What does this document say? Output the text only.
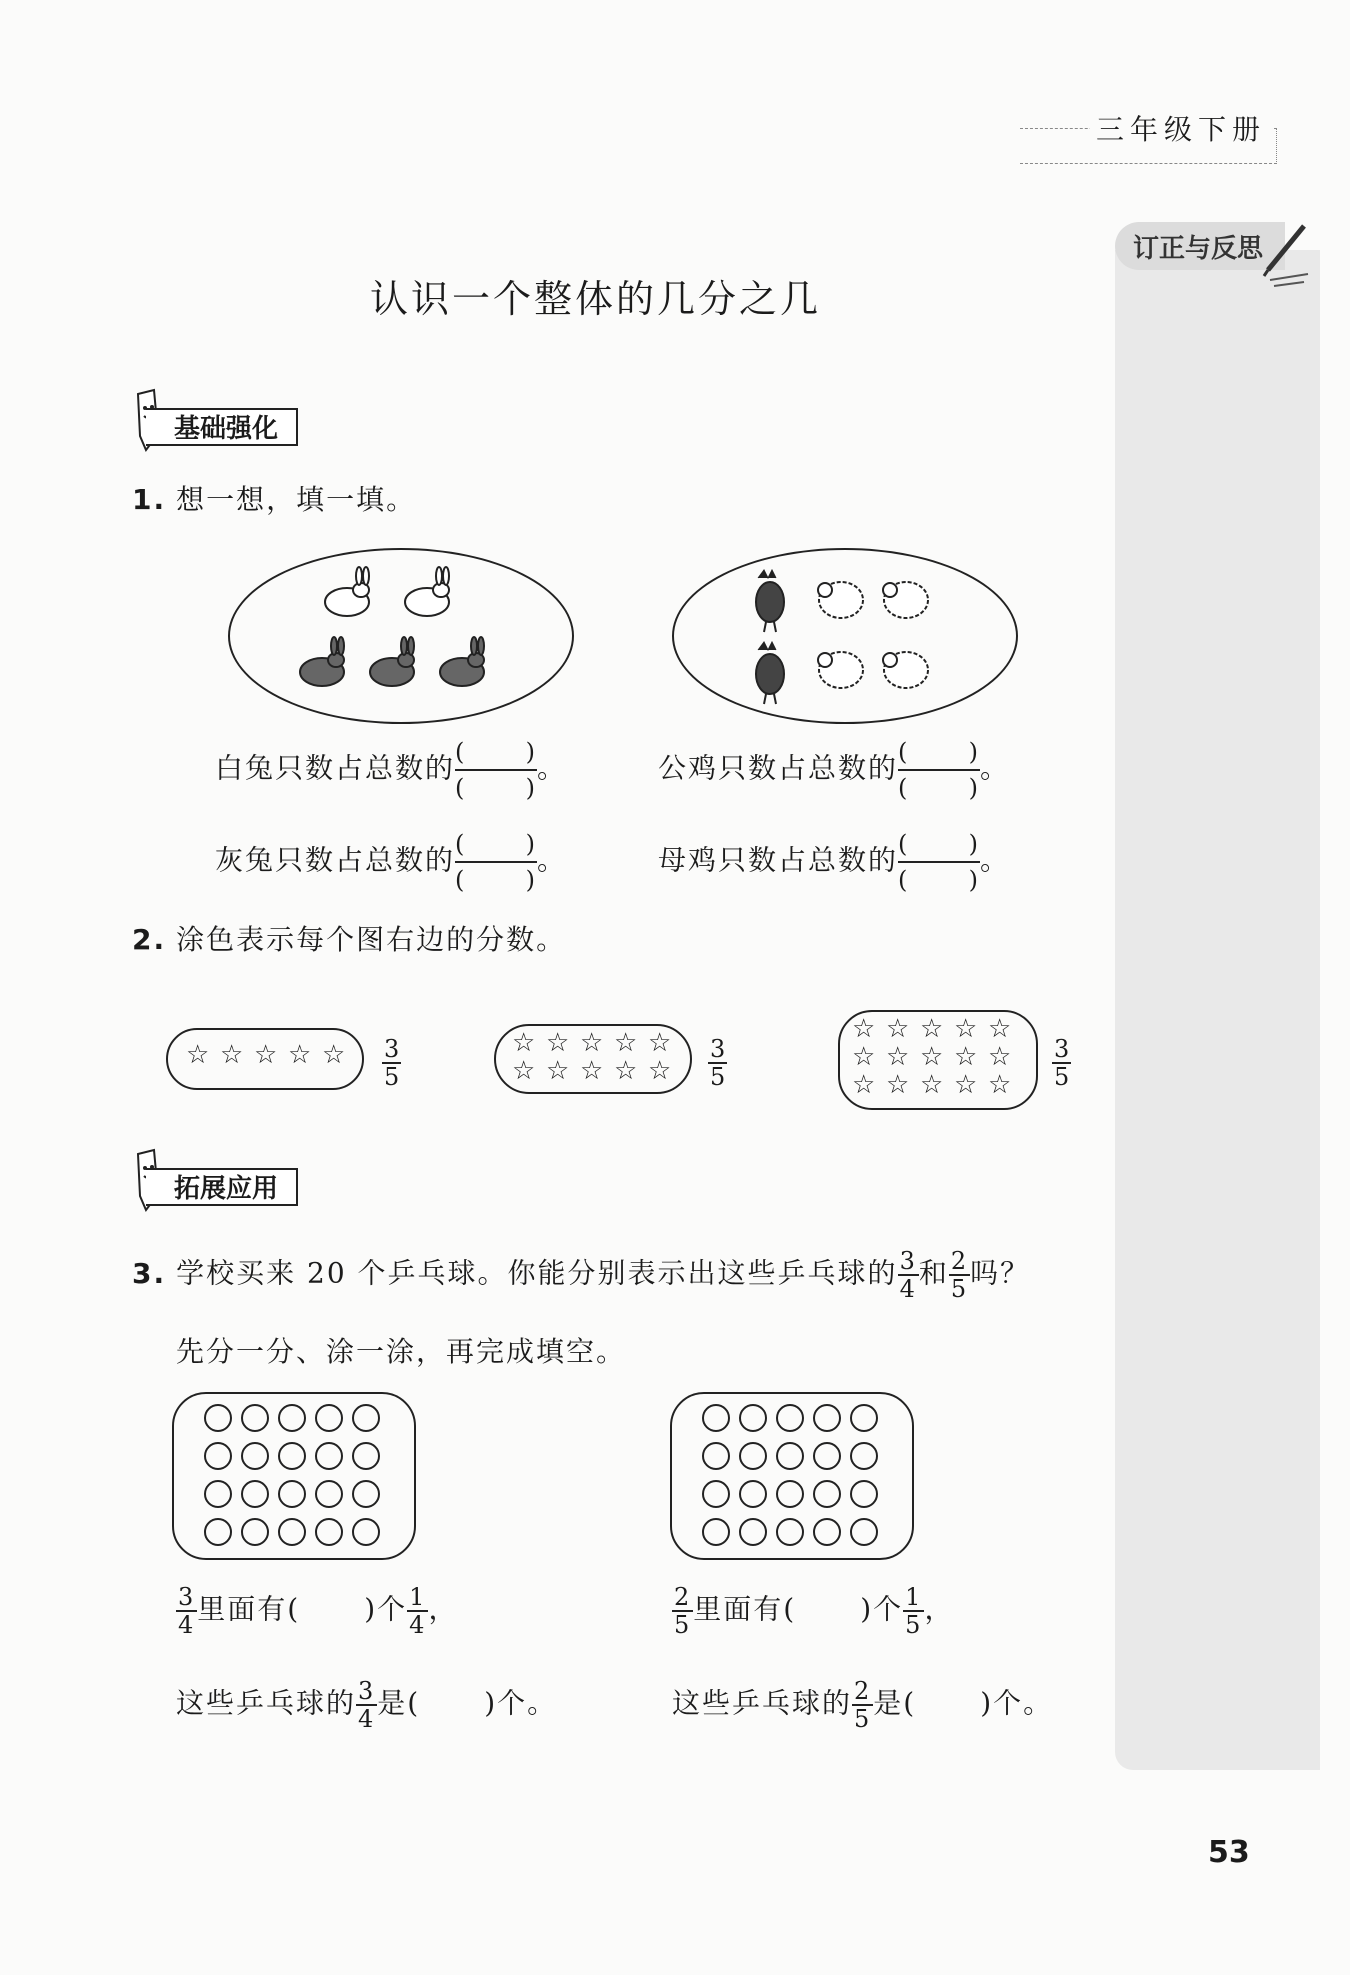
三年级下册
订正与反思
认识一个整体的几分之几
基础强化
1. 想一想，填一填。
白兔只数占总数的 $\frac{( )}{( )}$ 。
灰兔只数占总数的 $\frac{( )}{( )}$ 。
公鸡只数占总数的 $\frac{( )}{( )}$ 。
母鸡只数占总数的 $\frac{( )}{( )}$ 。
2. 涂色表示每个图右边的分数。
$\frac{3}{5}$	$\frac{3}{5}$	$\frac{3}{5}$
拓展应用
3. 学校买来 20 个乒乓球。你能分别表示出这些乒乓球的 $\frac{3}{4}$ 和 $\frac{2}{5}$ 吗？
先分一分、涂一涂，再完成填空。
$\frac{3}{4}$ 里面有( )个 $\frac{1}{4}$ ，
这些乒乓球的 $\frac{3}{4}$ 是( )个。
$\frac{2}{5}$ 里面有( )个 $\frac{1}{5}$ ，
这些乒乓球的 $\frac{2}{5}$ 是( )个。
53
☆ ☆ ☆ ☆ ☆	☆ ☆ ☆ ☆ ☆
☆ ☆ ☆ ☆ ☆
☆ ☆ ☆ ☆ ☆
☆ ☆ ☆ ☆ ☆
☆ ☆ ☆ ☆ ☆
